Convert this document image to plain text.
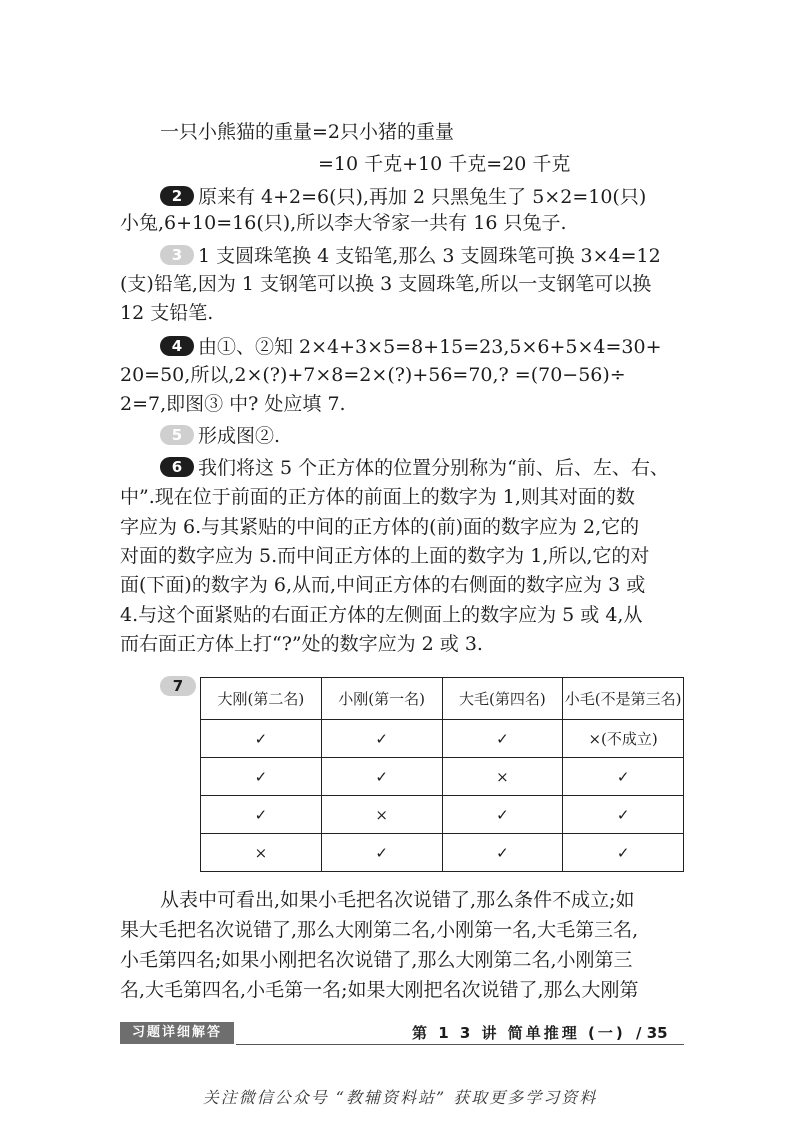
一只小熊猫的重量=2只小猪的重量
=10 千克+10 千克=20 千克
2 原来有 4+2=6(只),再加 2 只黑兔生了 5×2=10(只)
小兔,6+10=16(只),所以李大爷家一共有 16 只兔子.
3 1 支圆珠笔换 4 支铅笔,那么 3 支圆珠笔可换 3×4=12
(支)铅笔,因为 1 支钢笔可以换 3 支圆珠笔,所以一支钢笔可以换
12 支铅笔.
4 由①、②知 2×4+3×5=8+15=23,5×6+5×4=30+
20=50,所以,2×(?)+7×8=2×(?)+56=70,? =(70−56)÷
2=7,即图③ 中? 处应填 7.
5 形成图②.
6 我们将这 5 个正方体的位置分别称为“前、后、左、右、
中”.现在位于前面的正方体的前面上的数字为 1,则其对面的数
字应为 6.与其紧贴的中间的正方体的(前)面的数字应为 2,它的
对面的数字应为 5.而中间正方体的上面的数字为 1,所以,它的对
面(下面)的数字为 6,从而,中间正方体的右侧面的数字应为 3 或
4.与这个面紧贴的右面正方体的左侧面上的数字应为 5 或 4,从
而右面正方体上打“?”处的数字应为 2 或 3.
7
大刚(第二名)	小刚(第一名)	大毛(第四名)	小毛(不是第三名)
✓	✓	✓	×(不成立)
✓	✓	×	✓
✓	×	✓	✓
×	✓	✓	✓
从表中可看出,如果小毛把名次说错了,那么条件不成立;如
果大毛把名次说错了,那么大刚第二名,小刚第一名,大毛第三名,
小毛第四名;如果小刚把名次说错了,那么大刚第二名,小刚第三
名,大毛第四名,小毛第一名;如果大刚把名次说错了,那么大刚第
习题详细解答	第 1 3 讲 简单推理 (一) / 35
关注微信公众号 “教辅资料站” 获取更多学习资料
